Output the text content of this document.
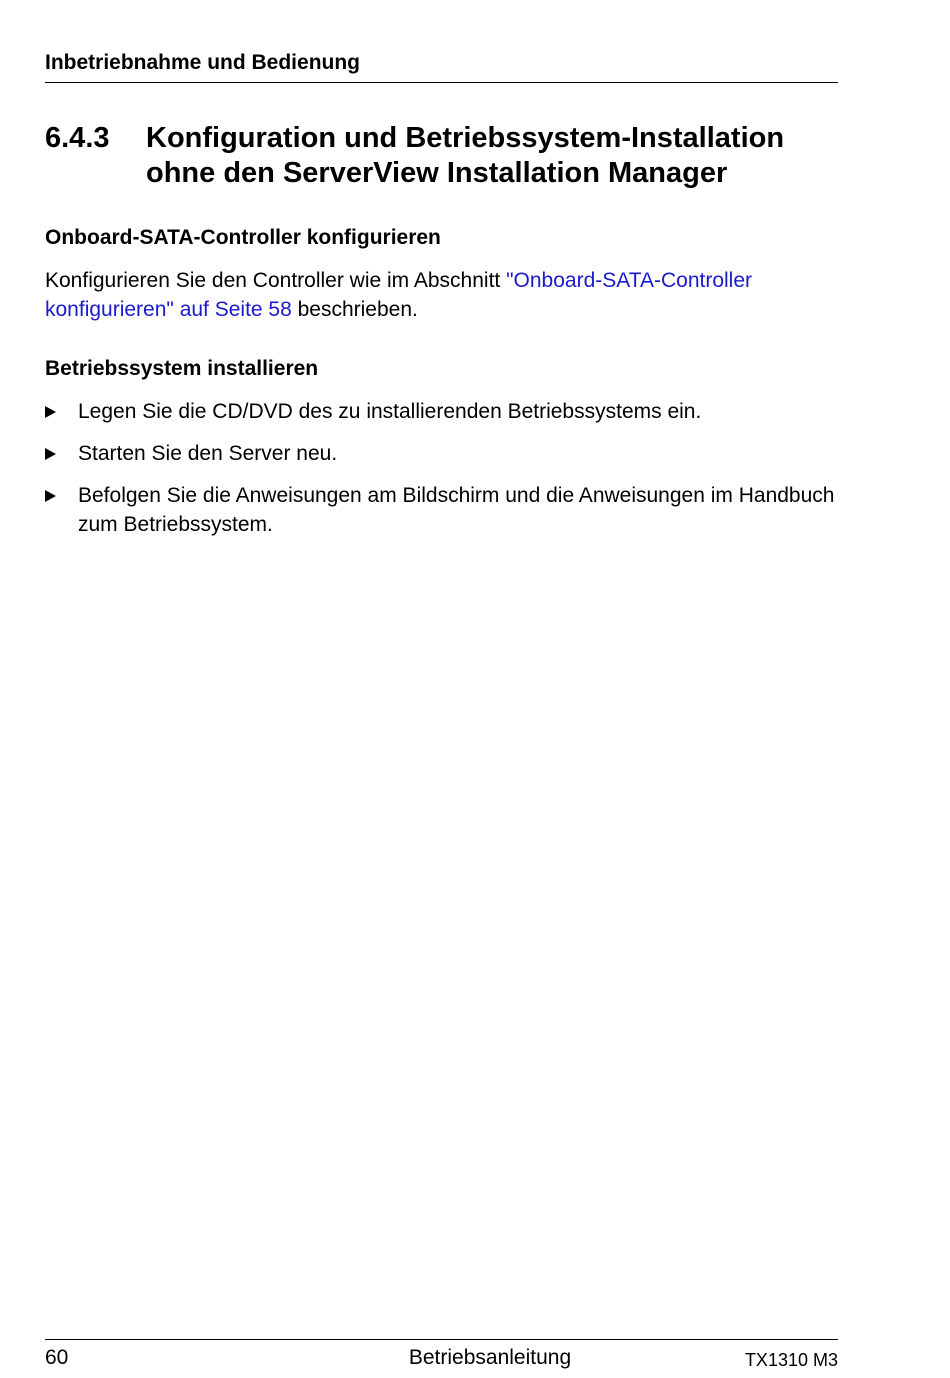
Inbetriebnahme und Bedienung
6.4.3 Konfiguration und Betriebssystem-Installation
ohne den ServerView Installation Manager
Onboard-SATA-Controller konfigurieren
Konfigurieren Sie den Controller wie im Abschnitt "Onboard-SATA-Controller
konfigurieren" auf Seite 58 beschrieben.
Betriebssystem installieren
Legen Sie die CD/DVD des zu installierenden Betriebssystems ein.
Starten Sie den Server neu.
Befolgen Sie die Anweisungen am Bildschirm und die Anweisungen im Handbuch zum Betriebssystem.
60	Betriebsanleitung	TX1310 M3
